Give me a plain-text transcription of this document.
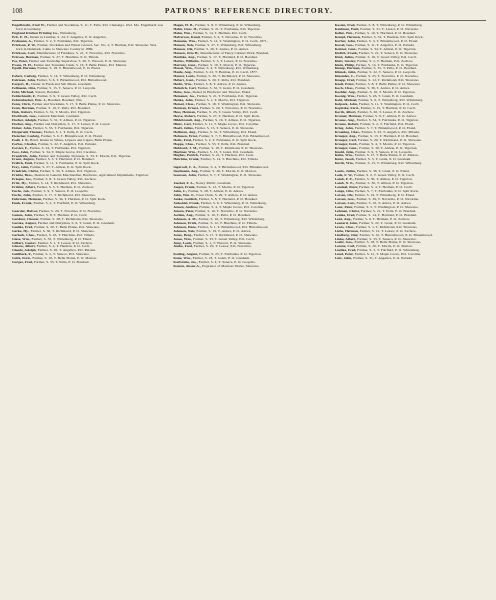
108	PATRONS' REFERENCE DIRECTORY.
Engelbrecht, Fred W., Farmer and Stockman, S. 11, T. Falls, P.O. Chenango, Owl. Mo. Engelhardt was born in Germany.
England Kitchen Printing Co., Wittenberg.
Erb, E. H., Dealer in Lumber, S. 24, T. Angelica, P. O. Angelica.
Erdmann, A., Farmer, S. 2, T. Fairbanks, P.O. Tigerton.
Erickson, P. W., Farmer, Stockman and Wheat Grower, Sec. No. 2, T. Herman, P.O. Shawano. Was born in Denmark. Came to Shawano County in 1889.
Erickson, Carl, Manufacturer of Furniture, S. 21, T. Navarino, P.O. Navarino.
Ericson, Herman, Farmer, S. 27, T. Hutchins, P. O. Tilleda.
Ess, Peter, Farmer and Township Supervisor, S. 20, T. Wescott, P. O. Shawano.
Evans, H. H., Farmer and Township Clerk, S. 16, T. Belle Plaine, P.O. Marion.
Egaill, Herman, Farmer, S. 18, T. Birnamwood, P. O. Eland.
Fabert, Ludwig, Farmer, S. 14, T. Wittenberg, P. O. Wittenberg.
Fairman, John, Farmer, S. 6, T. Birnamwood, P.O. Birnamwood.
Fargert, H., Dealer in Fresh and Salt Meats, Gresham.
Fellmann, Otto, Farmer, S. 15, T. Seneca, P. O. Leopolis.
Fehr, Michael, Saloon, Bonduel.
Feldschmidt, F., Farmer, S. 9, T. Green Valley, P.O. Cecil.
Fehrenbacher, Wm. J., Bonduel, Bonduel, Wis.
Fenn, Chris, Farmer and Stockman, S. 17, T. Belle Plaine, P. O. Shawano.
Fenn, Herman, Farmer, S. 19, T. Pella, P.O. Bonduel.
Fink, Robert, Farmer, S. 31, T. Morris, P.O. Tigerton.
Fischbach, Geo., General Merchant, Gresham.
Fischer, Adolph, Farmer, S. 31, T. Almon, P. O. Tigerton.
Fischer, Aug., Farmer and Dairyman, S. 17, T. Lessor, P. O. Lessor.
Fisher, John, Farmer, S. 33, T. Fairbanks, P.O. Tigerton.
Fitzgerald, Thomas, Farmer, S. 1, T. Pella, P. O. Cecil.
Fleischer, Ludwig, Farmer, S. 6, T. Birnamwood, P. O. Eland.
Foell, J. P., Hotel, Dealer in Wines, Liquors and Cigars, Belle Plaine.
Forbes, Charles, Farmer, S. 22, T. Angelica, P.O. Pulaski.
Forster, F., Farmer, S. 24, T. Fairbanks, P.O. Tigerton.
Foss, John, Farmer, S. 34, T. Maple Grove, P.O. Caroline.
Fraedrich, John, Farmer and Township Treasurer, S. 33, T. Morris, P.O. Tigerton.
Franz, August, Farmer, S. 3, T. Hartland, P. O. Bonduel.
Frelich, Emil, Farmer, S. 11, T. Fairbanks, P. O. Split Rock.
Frey, John, Farmer, S. 27, T. Almon, P. O. Split Rock.
Friedrich, Christ, Farmer, S. 34, T. Almon, P.O. Tigerton.
Frisbie, Bros., Dealers in General Merchandise, Hardware, Agricultural Implements, Tigerton.
Frisque, Jos., Farmer, S. 8, T. Green Valley, P.O. Zachow.
Fritz, Hy., Farmer, S. 14, T. Richmond, P.O. Shawano.
Fritzler, Albert, Farmer, S. 5, T. Herman, P. O. Zachow.
Fuchs, Joh., Farmer, S. 9, T. Seneca, P. O. Leopolis.
Fuchs, John, Farmer, S. 17, T. Richmond, P.O. Shawano.
Fuhrman, Herman, Farmer, S. 34, T. Herman, P. O. Split Rock.
Funk, Frank, Farmer, S. 2, T. Fairfield, P. O. Wittenberg.
Gaarder, Halvor, Farmer, S. 20, T. Navarino, P. O. Navarino.
Gamm, John, Farmer, S. 8, T. Herman, P. O. Cecil.
Gardner, Chester, Farmer, S. 28, T. Richmond, P.O. Shawano.
Garska, August, Farmer and Dairyman, S. 6, T. Grant, P. O. Gresham.
Gaulke, Fred, Farmer, S. 20, T. Belle Plaine, P.O. Shawano.
Gerke, Hy., Farmer, S. 30, T. Richmond, P. O. Shawano.
Gerlach, Chas., Farmer, S. 16, T. Hutchins, P.O. Tilleda.
Giese, Wm., Farmer, S. 35, T. Wittenberg, P. O. Eland.
Gilbert, Gustav, Farmer, S. 1, T. Lessor, P. O. Zachow.
Glasow, Albert, Farmer, S. 4, T. Herman, P. O. Cecil.
Gloede, Adolph, Farmer, S. 26, T. Angelica, P.O. Pulaski.
Goldbeck, F., Farmer, S. 2, T. Seneca, P.O. Shawano.
Goltz, Ferd., Farmer, S. 16, T. Belle Plaine, P. O. Marion.
Gorges, Fred, Farmer, S. 33, T. Pella, P. O. Bonduel.
Hagen, H. B., Farmer, S. 8, T. Wittenberg, P. O. Wittenberg.
Hahn, Chas. H., Farmer, S. 21, T. Fairbanks, P.O. Tigerton.
Hahn, Wm., Farmer, S. 14, T. Herman, P.O. Cecil.
Halverson, Knud, Farmer, S. 4, T. Navarino, P. O. Navarino.
Hamann, Wm., Farmer, S. 12, T. Washington, P. O. Cecil, 1871.
Hansen, Nels, Farmer, S. 27, T. Wittenberg, P.O. Wittenberg.
Hanson, Ole, Farmer, S. 20, T. Aniwa, P. O. Aniwa.
Hansen, Otto H., Manufacturer of Fancy Cabinet Work, Bonduel.
Hardtke, Aug., Farmer, S. 17, T. Hartland, P. O. Bonduel.
Harms, Wilhelm, Farmer, S. 5, T. Lessor, P. O. Navarino.
Hartwig, Gust., Farmer, S. 10, T. Morris, P. O. Tigerton.
Hassel, Wm., Farmer, S. 2, T. Wittenberg, P.O. Wittenberg.
Haufe, Aug., Farmer, S. 22, T. Herman, P. O. Cecil, 1877.
Hauser, Louis, Farmer, S. 30, T. Richmond, P. O. Shawano.
Hebert, Gust., Farmer, S. 20, T. Pella, P.O. Bonduel.
Hecht, Wm., Farmer, S. 8, T. Aniwa, P. O. Aniwa.
Heinrich, Carl, Farmer, S. 32, T. Grant, P. O. Gresham.
Heise, Geo., Dealer in Hardware and Tinware, Eland.
Hemauer, Jos., Farmer, S. 21, T. Fairbanks, P.O. Tigerton.
Henke, John, Farmer, S. 1, T. Morris, P.O. Tigerton.
Hensel, Chas., Farmer, S. 18, T. Washington, P.O. Shawano.
Herman, Ernest, Farmer, S. 29, T. Navarino, P. O. Navarino.
Hess, Herman, Farmer, S. 23, T. Green Valley, P.O. Cecil.
Heyse, Robert, Farmer, S. 27, T. Herman, P. O. Split Rock.
Hildebrandt, Aug., Farmer, S. 19, T. Almon, P. O. Tigerton.
Hintz, Carl, Farmer, S. 11, T. Maple Grove, P.O. Caroline.
Hoeft, Julius, Farmer, S. 15, T. Seneca, P. O. Shawano.
Hoffman, Aug., Farmer, S. 31, T. Wittenberg, P.O. Eland.
Hohnsen, Ernst, Farmer, S. 7, T. Birnamwood, P.O. Birnamwood.
Holtz, Fred, Farmer, S. 2, T. Fairbanks, P. O. Split Rock.
Hoppe, Chas., Farmer, S. 35, T. Pella, P.O. Bonduel.
Hubbard, J. M., Farmer, S. 18, T. Richmond, P. O. Shawano.
Huebner, Wm., Farmer, S. 13, T. Grant, P.O. Gresham.
Hughes, Patrick, Farmer, S. 21, T. Herman, P.O. Cecil.
Hutchins, Frank, Farmer, S. 14, T. Hutchins, P.O. Tilleda.
Ingersoll, C. A., Farmer, S. 2, T. Birnamwood, P.O. Birnamwood.
Inselmann, Aug., Farmer, S. 26, T. Morris, P. O. Marion.
Isaacson, John, Farmer, S. 7, T. Washington, P. O. Shawano.
Jaeckel, F. A., Notary Public, Gresham.
Jaeger, Frank, Farmer, S. 12, T. Morris, P. O. Tigerton.
Jahn, C., Farmer, S. 28, T. Almon, P. O. Aniwa.
Jahn, Wm. F., Town Clerk, S. 29, T. Almon, P. O. Aniwa.
Janke, Gottlieb, Farmer, S. 8, T. Hartland, P. O. Bonduel.
Jaskolski, Frank, Farmer, S. 6, T. Wittenberg, P. O. Wittenberg.
Jensen, Andrew, Farmer, S. 4, T. Maple Grove, P.O. Caroline.
Jensen, Peter, Farmer, S. 16, T. Navarino, P. O. Navarino.
Jochim, Aug., Farmer, S. 10, T. Pella, P. O. Bonduel.
Johnson, A. M., Farmer, S. 16, T. Wittenberg, P.O. Wittenberg.
Johnson, Erick, Farmer, S. 12, T. Hutchins, P. O. Tilleda.
Johnson, Hans, Farmer, S. 1, T. Birnamwood, P.O. Birnamwood.
Johnson, Nels, Farmer, S. 19, T. Aniwa, P. O. Aniwa.
Jones, Benj., Farmer, S. 17, T. Richmond, P. O. Shawano.
Jonas, Wm., Farmer, S. 33, T. Green Valley, P.O. Cecil.
Jung, Louis, Farmer, S. 1, T. Wescott, P. O. Shawano.
Junke, Fred, Farmer, S. 29, T. Lessor, P.O. Navarino.
Kading, August, Farmer, S. 25, T. Fairbanks, P. O. Tigerton.
Kane, Wm., Farmer, S. 23, T. Grant, P. O. Gresham.
Karlsruhe, Jos., Farmer, S. 4, T. Seneca, P. O. Leopolis.
Kasten, Anson A., Proprietor of Mattress Works, Shawano.
Kasten, Fred, Farmer, S. 8, T. Wittenberg, P. O. Wittenberg.
Kaufman, Emil, Farmer, S. 31, T. Lessor, P. O. Navarino.
Keller, Wm., Farmer, S. 10, T. Hartland, P. O. Bonduel.
Kempf, Herman, Farmer, S. 32, T. Herman, P.O. Split Rock.
Kerber, John, Farmer, S. 3, T. Birnamwood, P. O. Eland.
Kessel, Geo., Farmer, S. 11, T. Angelica, P. O. Pulaski.
Kettner, Gust., Farmer, S. 34, T. Almon, P. O. Tigerton.
Kielich, Frank, Farmer, S. 21, T. Seneca, P. O. Shawano.
Kind, Julius, Farmer, S. 16, T. Green Valley, P.O. Cecil.
Klatt, Gustav, Farmer, S. 2, T. Herman, P.O. Zachow.
Klein, Philip, Farmer, S. 14, T. Fairbanks, P. O. Tigerton.
Klemp, Herman, Farmer, S. 35, T. Pella, P. O. Bonduel.
Klimek, John, Farmer, S. 22, T. Seneca, P. O. Leopolis.
Kluender, C., Farmer, S. 25, T. Navarino, P. O. Navarino.
Knapp, Fred, Farmer, S. 12, T. Richmond, P.O. Shawano.
Knoll, Ernst, Farmer, S. 8, T. Belle Plaine, P. O. Shawano.
Koch, Chas., Farmer, S. 36, T. Aniwa, P. O. Aniwa.
Koehler, Aug., Farmer, S. 16, T. Morris, P. O. Tigerton.
Koenig, Wm., Farmer, S. 26, T. Grant, P. O. Gresham.
Kohl, Michael, Farmer, S. 6, T. Wittenberg, P.O. Wittenberg.
Kolpack, John, Farmer, S. 11, T. Washington, P. O. Cecil.
Kopitzke, Ferd., Farmer, S. 15, T. Herman, P. O. Cecil.
Korth, Albert, Farmer, S. 20, T. Lessor, P. O. Zachow.
Kramer, Herman, Farmer, S. 9, T. Almon, P. O. Aniwa.
Krause, Aug., Farmer, S. 34, T. Fairbanks, P. O. Tigerton.
Krause, Robert, Farmer, S. 2, T. Fairfield, P.O. Eland.
Krieg, John, Farmer, S. 7, T. Birnamwood, P. O. Eland.
Kroening, Chas., Farmer, S. 23, T. Angelica, P.O. Pulaski.
Krueger, Aug., Farmer, S. 13, T. Hartland, P. O. Bonduel.
Krueger, Carl, Farmer, S. 20, T. Richmond, P. O. Shawano.
Krueger, Ferd., Farmer, S. 4, T. Morris, P. O. Tigerton.
Krueger, Gust., Farmer, S. 30, T. Almon, P. O. Tigerton.
Kuehl, John, Farmer, S. 9, T. Seneca, P. O. Leopolis.
Kuhn, Wm., Farmer, S. 27, T. Belle Plaine, P. O. Marion.
Kunz, Jacob, Farmer, S. 3, T. Grant, P. O. Gresham.
Kurth, Wm., Farmer, S. 15, T. Wittenberg, P.O. Wittenberg.
Laabs, Julius, Farmer, S. 36, T. Grant, P. O. Eland.
Lade, F. W., Farmer, S. 2, T. Green Valley, P. O. Cecil.
Lamb, F. E., Farmer, S. 30, T. Almon, P. O. Tigerton.
Lamb, N. E., Farmer, S. 30, T. Almon, P. O. Tigerton.
Landaal, Peter, Farmer, S. 4, T. Herman, P. O. Cecil.
Lange, Otto, Farmer, S. 7, T. Fairbanks, P. O. Split Rock.
Larsen, Ole, Farmer, S. 19, T. Wittenberg, P. O. Eland.
Larson, Geo., Farmer, S. 29, T. Navarino, P. O. Navarino.
Larson, Lars, Farmer, S. 10, T. Aniwa, P. O. Aniwa.
Laux, Peter, Farmer, S. 5, T. Washington, P. O. Shawano.
Lehman, Christ, Farmer, S. 21, T. Pella, P. O. Bonduel.
Lemke, Fred, Farmer, S. 14, T. Hartland, P. O. Bonduel.
Lenz, Aug., Farmer, S. 6, T. Herman, P. O. Zachow.
Leonard, John, Farmer, S. 22, T. Grant, P. O. Gresham.
Lewis, Chas., Farmer, S. 1, T. Richmond, P.O. Shawano.
Liebe, Herman, Farmer, S. 12, T. Lessor, P. O. Zachow.
Lindberg, Olof, Farmer, S. 32, T. Birnamwood, P. O. Birnamwood.
Linke, Albert, Farmer, S. 33, T. Seneca, P. O. Shawano.
Loehr, Geo., Farmer, S. 18, T. Belle Plaine, P. O. Shawano.
Lorenz, Carl, Farmer, S. 26, T. Morris, P. O. Marion.
Luebke, Fred, Farmer, S. 3, T. Fairfield, P. O. Wittenberg.
Lund, Peter, Farmer, S. 21, T. Maple Grove, P.O. Caroline.
Lutz, John, Farmer, S. 31, T. Angelica, P. O. Pulaski.
